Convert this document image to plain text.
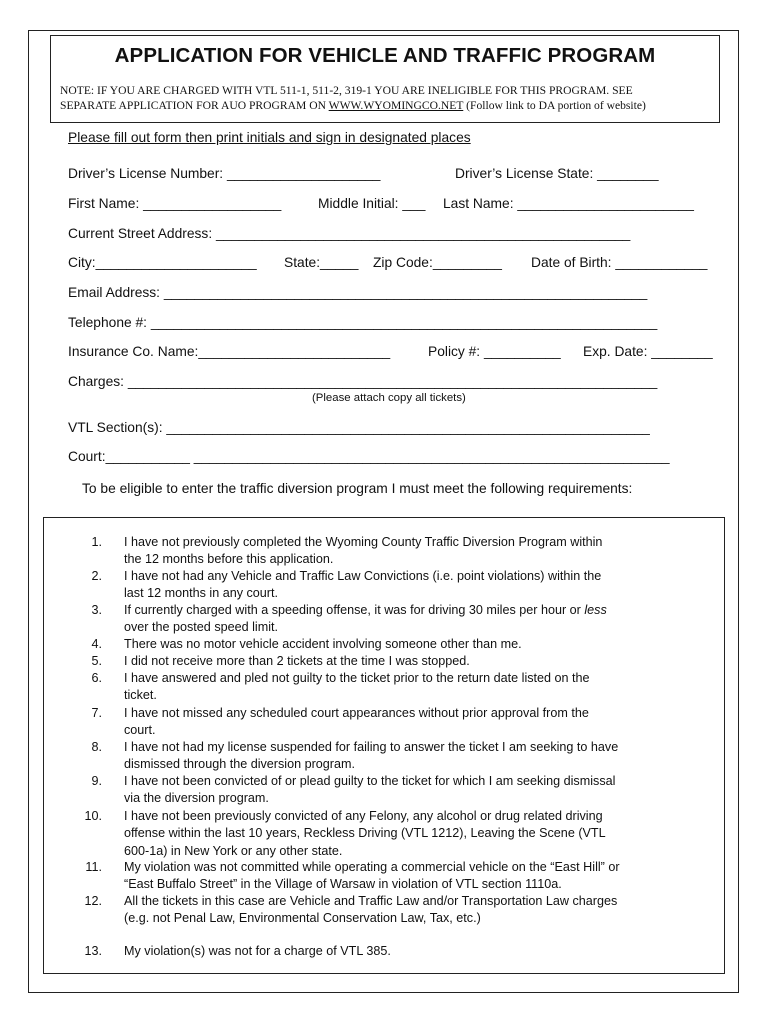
APPLICATION FOR VEHICLE AND TRAFFIC PROGRAM
NOTE: IF YOU ARE CHARGED WITH VTL 511-1, 511-2, 319-1 YOU ARE INELIGIBLE FOR THIS PROGRAM. SEE
SEPARATE APPLICATION FOR AUO PROGRAM ON WWW.WYOMINGCO.NET (Follow link to DA portion of website)
Please fill out form then print initials and sign in designated places
Driver’s License Number: ____________________	Driver’s License State: ________
First Name: __________________	Middle Initial: ___ Last Name: _______________________
Current Street Address: ______________________________________________________
City:_____________________ State:_____ Zip Code:_________ Date of Birth: ____________
Email Address: _______________________________________________________________
Telephone #: __________________________________________________________________
Insurance Co. Name:_________________________	Policy #: __________ Exp. Date: ________
Charges: _____________________________________________________________________
(Please attach copy all tickets)
VTL Section(s): _______________________________________________________________
Court:___________ ______________________________________________________________
To be eligible to enter the traffic diversion program I must meet the following requirements:
1. I have not previously completed the Wyoming County Traffic Diversion Program within
the 12 months before this application.
2. I have not had any Vehicle and Traffic Law Convictions (i.e. point violations) within the
last 12 months in any court.
3. If currently charged with a speeding offense, it was for driving 30 miles per hour or less
over the posted speed limit.
4. There was no motor vehicle accident involving someone other than me.
5. I did not receive more than 2 tickets at the time I was stopped.
6. I have answered and pled not guilty to the ticket prior to the return date listed on the
ticket.
7. I have not missed any scheduled court appearances without prior approval from the
court.
8. I have not had my license suspended for failing to answer the ticket I am seeking to have
dismissed through the diversion program.
9. I have not been convicted of or plead guilty to the ticket for which I am seeking dismissal
via the diversion program.
10. I have not been previously convicted of any Felony, any alcohol or drug related driving
offense within the last 10 years, Reckless Driving (VTL 1212), Leaving the Scene (VTL
600-1a) in New York or any other state.
11. My violation was not committed while operating a commercial vehicle on the “East Hill” or
“East Buffalo Street” in the Village of Warsaw in violation of VTL section 1110a.
12. All the tickets in this case are Vehicle and Traffic Law and/or Transportation Law charges
(e.g. not Penal Law, Environmental Conservation Law, Tax, etc.)
13. My violation(s) was not for a charge of VTL 385.
